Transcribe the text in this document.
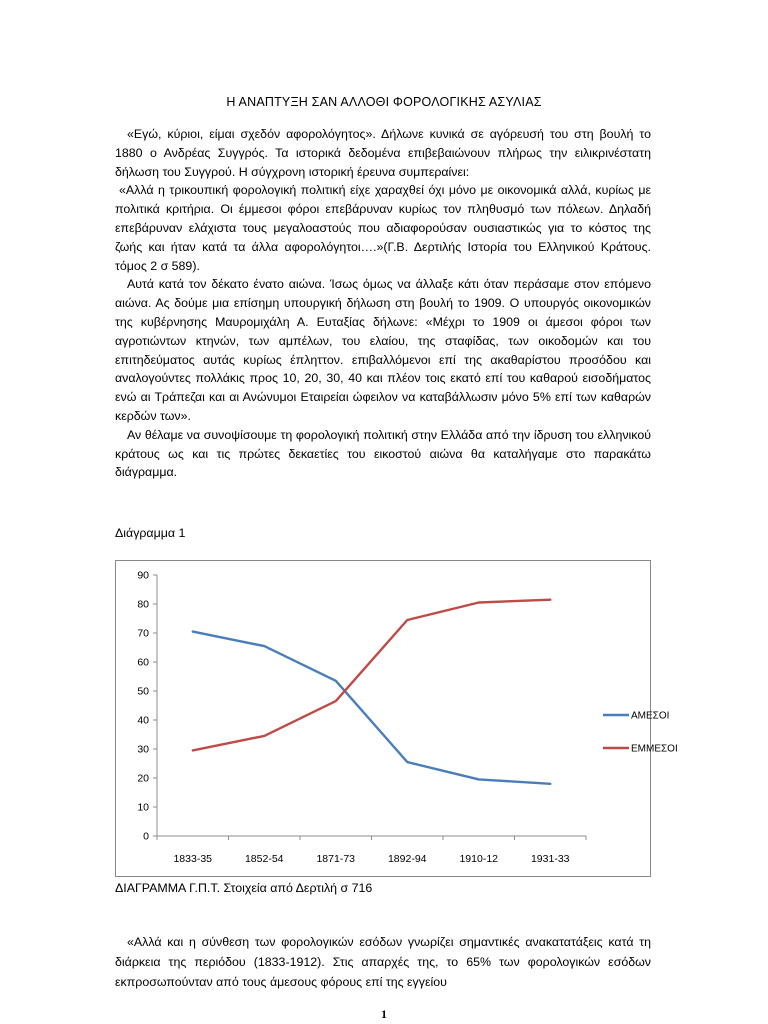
Η ΑΝΑΠΤΥΞΗ ΣΑΝ ΑΛΛΟΘΙ ΦΟΡΟΛΟΓΙΚΗΣ ΑΣΥΛΙΑΣ

«Εγώ, κύριοι, είμαι σχεδόν αφορολόγητος». Δήλωνε κυνικά σε αγόρευσή του στη βουλή το 1880 ο Ανδρέας Συγγρός. Τα ιστορικά δεδομένα επιβεβαιώνουν πλήρως την ειλικρινέστατη δήλωση του Συγγρού. Η σύγχρονη ιστορική έρευνα συμπεραίνει:

«Αλλά η τρικουπική φορολογική πολιτική είχε χαραχθεί όχι μόνο με οικονομικά αλλά, κυρίως με πολιτικά κριτήρια. Οι έμμεσοι φόροι επεβάρυναν κυρίως τον πληθυσμό των πόλεων. Δηλαδή επεβάρυναν ελάχιστα τους μεγαλοαστούς που αδιαφορούσαν ουσιαστικώς για το κόστος της ζωής και ήταν κατά τα άλλα αφορολόγητοι….»(Γ.Β. Δερτιλής Ιστορία του Ελληνικού Κράτους. τόμος 2 σ 589).

Αυτά κατά τον δέκατο ένατο αιώνα. Ίσως όμως να άλλαξε κάτι όταν περάσαμε στον επόμενο αιώνα. Ας δούμε μια επίσημη υπουργική δήλωση στη βουλή το 1909. Ο υπουργός οικονομικών της κυβέρνησης Μαυρομιχάλη Α. Ευταξίας δήλωνε: «Μέχρι το 1909 οι άμεσοι φόροι των αγροτιώντων κτηνών, των αμπέλων, του ελαίου, της σταφίδας, των οικοδομών και του επιτηδεύματος αυτάς κυρίως έπληττον. επιβαλλόμενοι επί της ακαθαρίστου προσόδου και αναλογούντες πολλάκις προς 10, 20, 30, 40 και πλέον τοις εκατό επί του καθαρού εισοδήματος ενώ αι Τράπεζαι και αι Ανώνυμοι Εταιρείαι ώφειλον να καταβάλλωσιν μόνο 5% επί των καθαρών κερδών των».

Αν θέλαμε να συνοψίσουμε τη φορολογική πολιτική στην Ελλάδα από την ίδρυση του ελληνικού κράτους ως και τις πρώτες δεκαετίες του εικοστού αιώνα θα καταλήγαμε στο παρακάτω διάγραμμα.

Διάγραμμα 1
0
10
20
30
40
50
60
70
80
90
1833-35	1852-54	1871-73	1892-94	1910-12	1931-33
ΑΜΕΣΟΙ
ΕΜΜΕΣΟΙ
ΔΙΑΓΡΑΜΜΑ Γ.Π.Τ. Στοιχεία από Δερτιλή σ 716

«Αλλά και η σύνθεση των φορολογικών εσόδων γνωρίζει σημαντικές ανακατατάξεις κατά τη διάρκεια της περιόδου (1833-1912). Στις απαρχές της, το 65% των φορολογικών εσόδων εκπροσωπούνταν από τους άμεσους φόρους επί της εγγείου

1
